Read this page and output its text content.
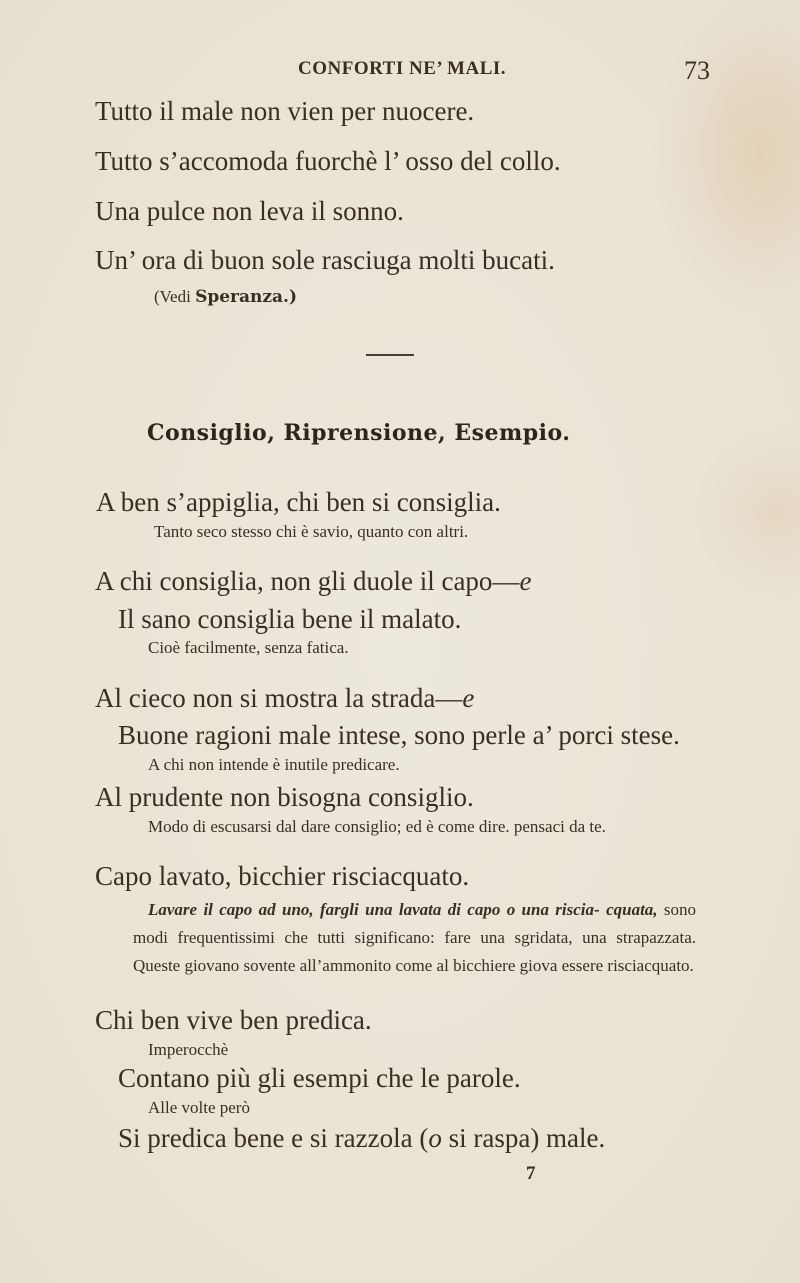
CONFORTI NE’ MALI.	73
Tutto il male non vien per nuocere.
Tutto s’accomoda fuorchè l’ osso del collo.
Una pulce non leva il sonno.
Un’ ora di buon sole rasciuga molti bucati.
(Vedi Speranza.)
Consiglio, Riprensione, Esempio.
A ben s’appiglia, chi ben si consiglia.
Tanto seco stesso chi è savio, quanto con altri.
A chi consiglia, non gli duole il capo—e
Il sano consiglia bene il malato.
Cioè facilmente, senza fatica.
Al cieco non si mostra la strada—e
Buone ragioni male intese, sono perle a’ porci stese.
A chi non intende è inutile predicare.
Al prudente non bisogna consiglio.
Modo di escusarsi dal dare consiglio; ed è come dire. pensaci da te.
Capo lavato, bicchier risciacquato.
Lavare il capo ad uno, fargli una lavata di capo o una riscia- cquata, sono modi frequentissimi che tutti significano: fare una sgridata, una strapazzata. Queste giovano sovente all’ammonito come al bicchiere giova essere risciacquato.
Chi ben vive ben predica.
Imperocchè
Contano più gli esempi che le parole.
Alle volte però
Si predica bene e si razzola (o si raspa) male.
7
